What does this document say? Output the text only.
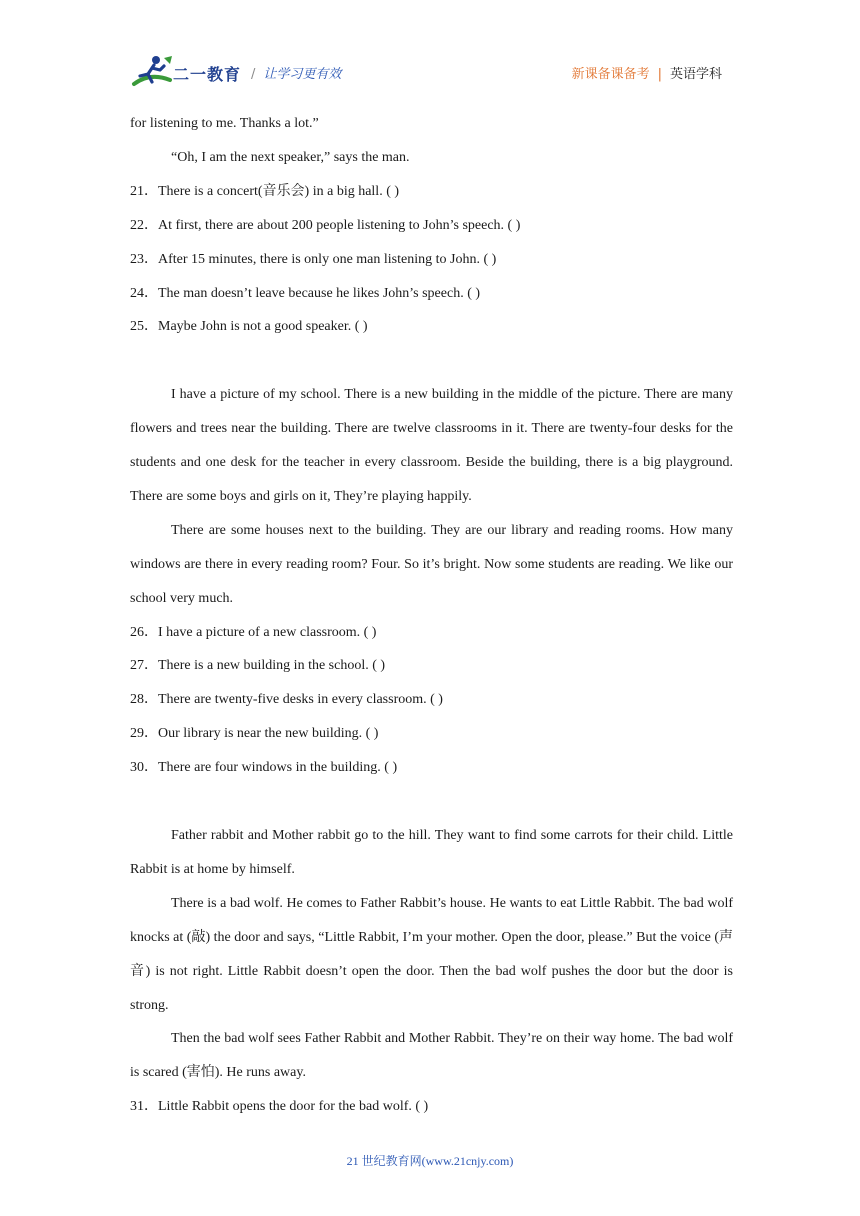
二一教育 / 让学习更有效	新课备课备考 | 英语学科
for listening to me. Thanks a lot.”
“Oh, I am the next speaker,” says the man.
21．There is a concert(音乐会) in a big hall. ( )
22．At first, there are about 200 people listening to John’s speech. ( )
23．After 15 minutes, there is only one man listening to John. ( )
24．The man doesn’t leave because he likes John’s speech. ( )
25．Maybe John is not a good speaker. ( )
I have a picture of my school. There is a new building in the middle of the picture. There are many flowers and trees near the building. There are twelve classrooms in it. There are twenty-four desks for the students and one desk for the teacher in every classroom. Beside the building, there is a big playground. There are some boys and girls on it, They’re playing happily.
There are some houses next to the building. They are our library and reading rooms. How many windows are there in every reading room? Four. So it’s bright. Now some students are reading. We like our school very much.
26．I have a picture of a new classroom. ( )
27．There is a new building in the school. ( )
28．There are twenty-five desks in every classroom. ( )
29．Our library is near the new building. ( )
30．There are four windows in the building. ( )
Father rabbit and Mother rabbit go to the hill. They want to find some carrots for their child. Little Rabbit is at home by himself.
There is a bad wolf. He comes to Father Rabbit’s house. He wants to eat Little Rabbit. The bad wolf knocks at (敲) the door and says, “Little Rabbit, I’m your mother. Open the door, please.” But the voice (声音) is not right. Little Rabbit doesn’t open the door. Then the bad wolf pushes the door but the door is strong.
Then the bad wolf sees Father Rabbit and Mother Rabbit. They’re on their way home. The bad wolf is scared (害怕). He runs away.
31．Little Rabbit opens the door for the bad wolf. ( )
21 世纪教育网(www.21cnjy.com)
